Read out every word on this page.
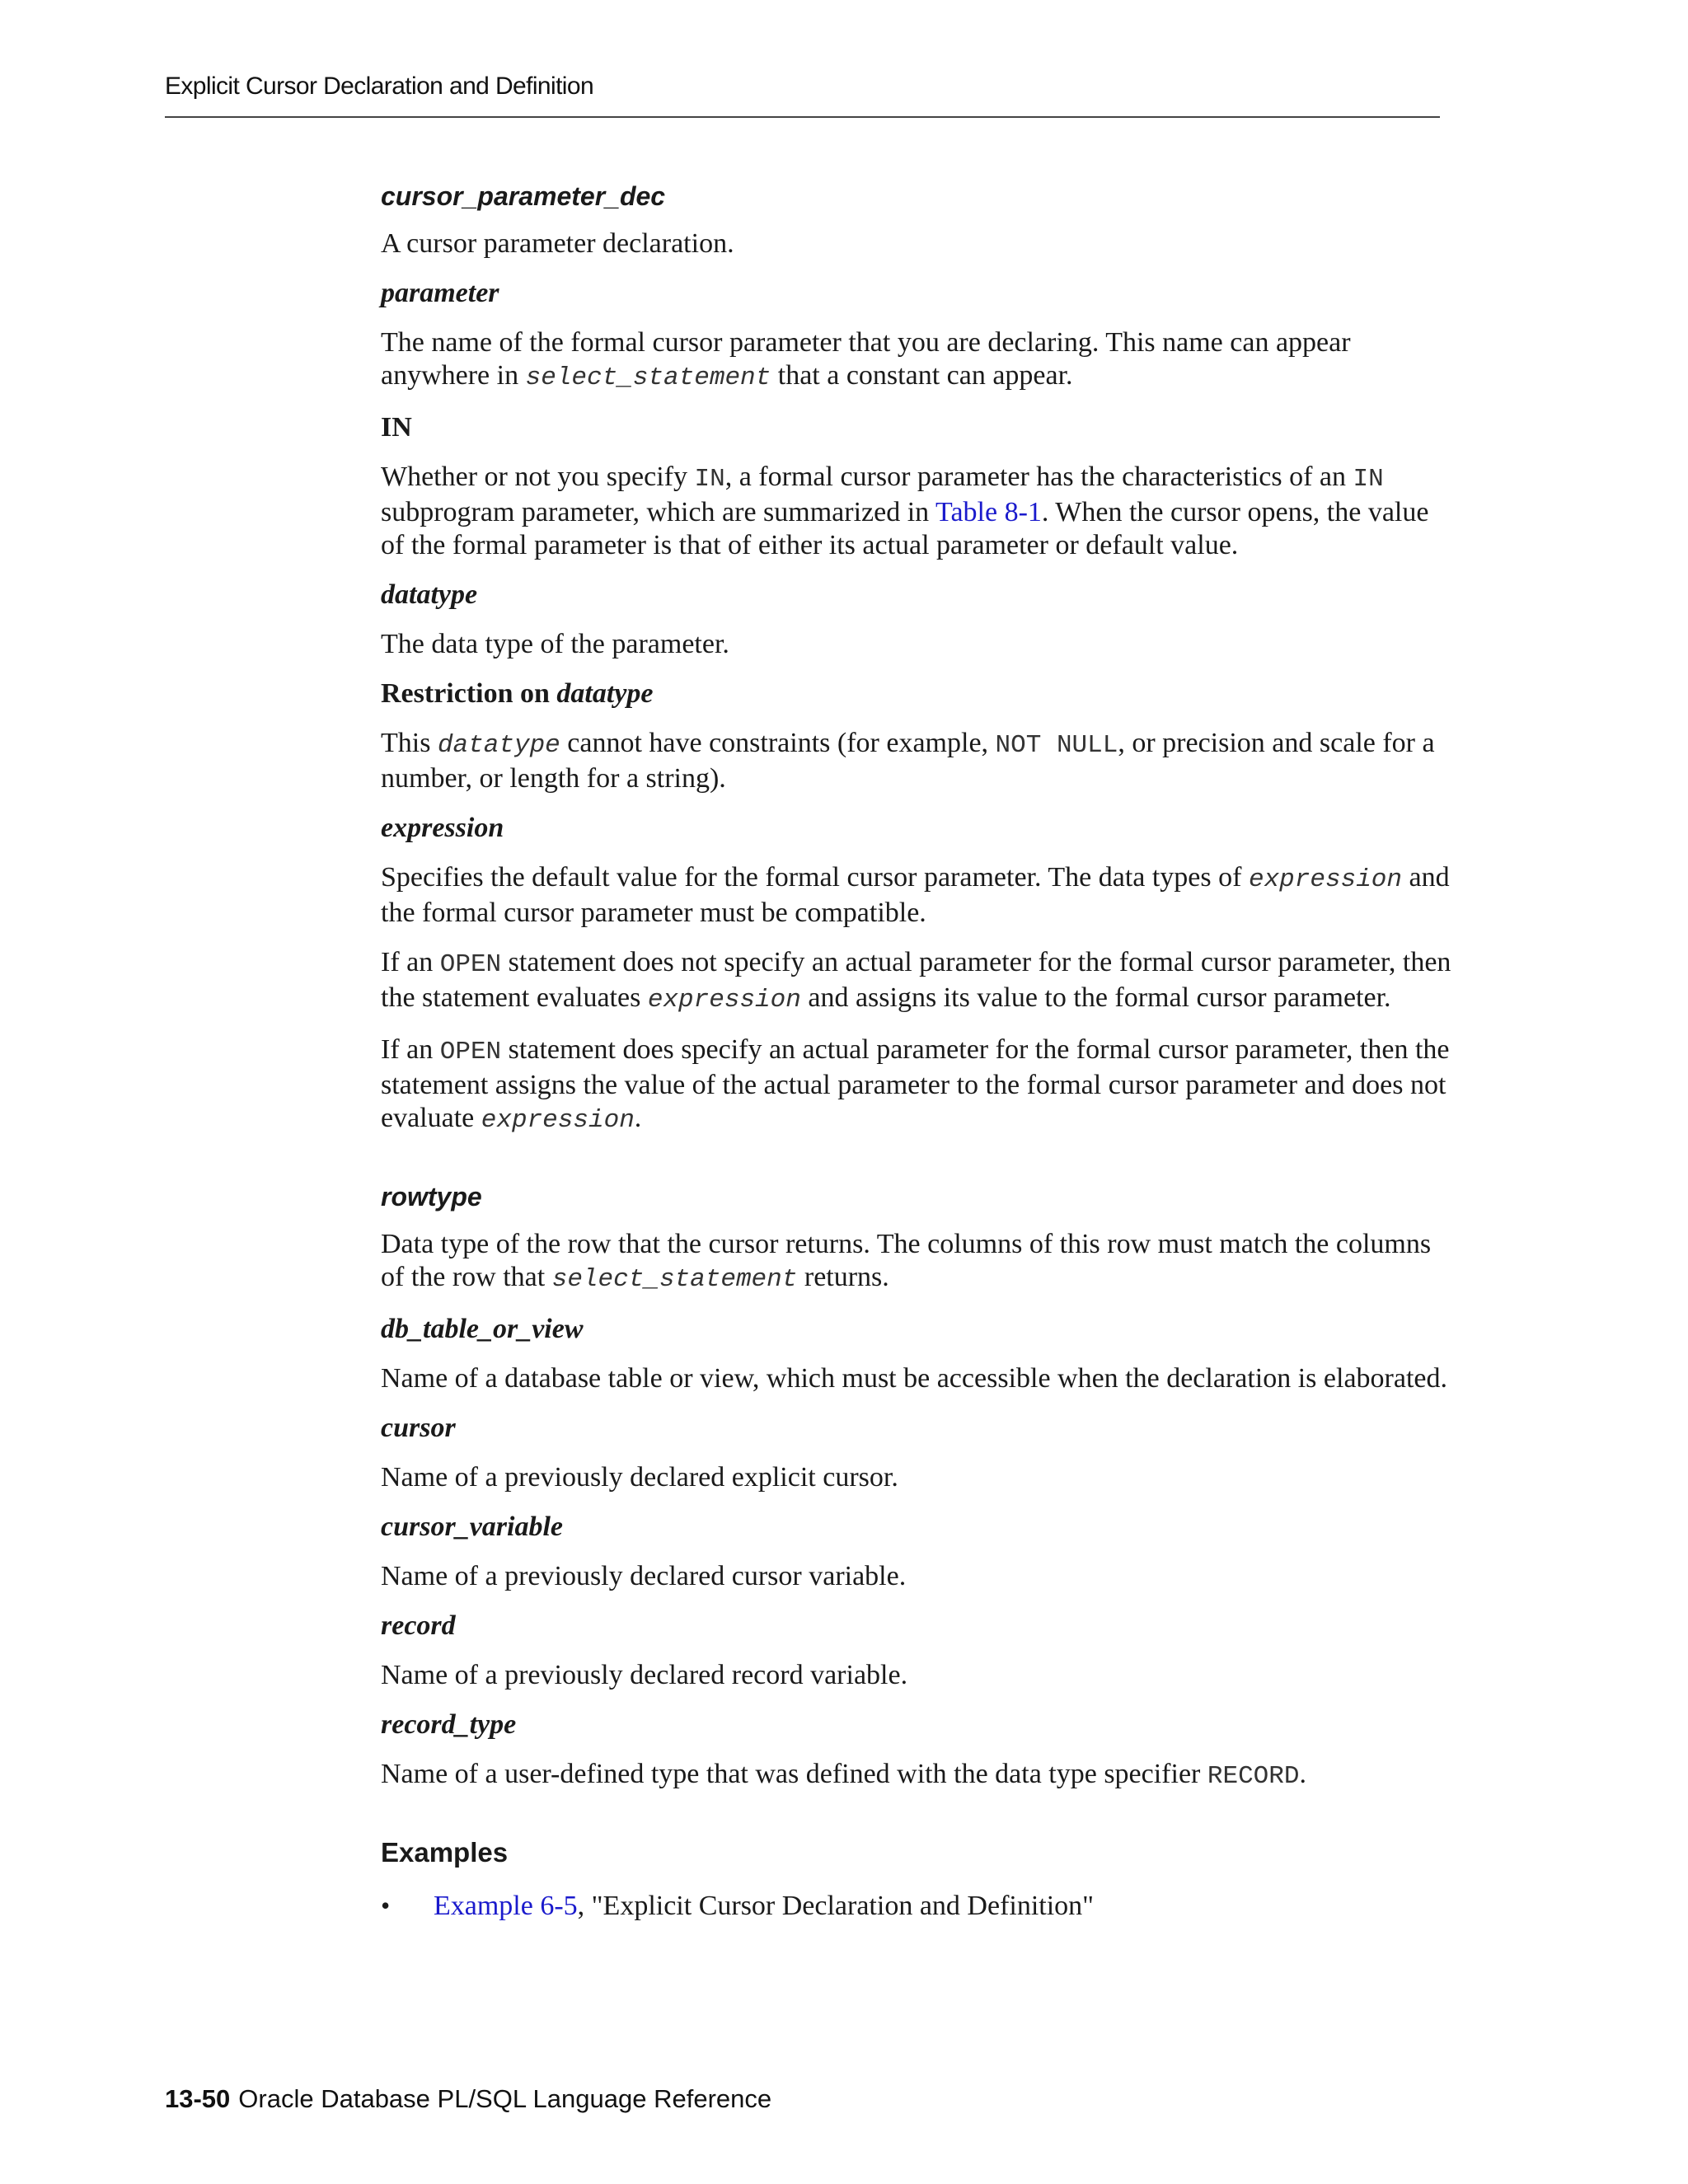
Explicit Cursor Declaration and Definition
cursor_parameter_dec

A cursor parameter declaration.

parameter

The name of the formal cursor parameter that you are declaring. This name can appear anywhere in select_statement that a constant can appear.

IN

Whether or not you specify IN, a formal cursor parameter has the characteristics of an IN subprogram parameter, which are summarized in Table 8-1. When the cursor opens, the value of the formal parameter is that of either its actual parameter or default value.

datatype

The data type of the parameter.

Restriction on datatype

This datatype cannot have constraints (for example, NOT NULL, or precision and scale for a number, or length for a string).

expression

Specifies the default value for the formal cursor parameter. The data types of expression and the formal cursor parameter must be compatible.

If an OPEN statement does not specify an actual parameter for the formal cursor parameter, then the statement evaluates expression and assigns its value to the formal cursor parameter.

If an OPEN statement does specify an actual parameter for the formal cursor parameter, then the statement assigns the value of the actual parameter to the formal cursor parameter and does not evaluate expression.

rowtype

Data type of the row that the cursor returns. The columns of this row must match the columns of the row that select_statement returns.

db_table_or_view

Name of a database table or view, which must be accessible when the declaration is elaborated.

cursor

Name of a previously declared explicit cursor.

cursor_variable

Name of a previously declared cursor variable.

record

Name of a previously declared record variable.

record_type

Name of a user-defined type that was defined with the data type specifier RECORD.

Examples
•	Example 6-5, "Explicit Cursor Declaration and Definition"
13-50 Oracle Database PL/SQL Language Reference
